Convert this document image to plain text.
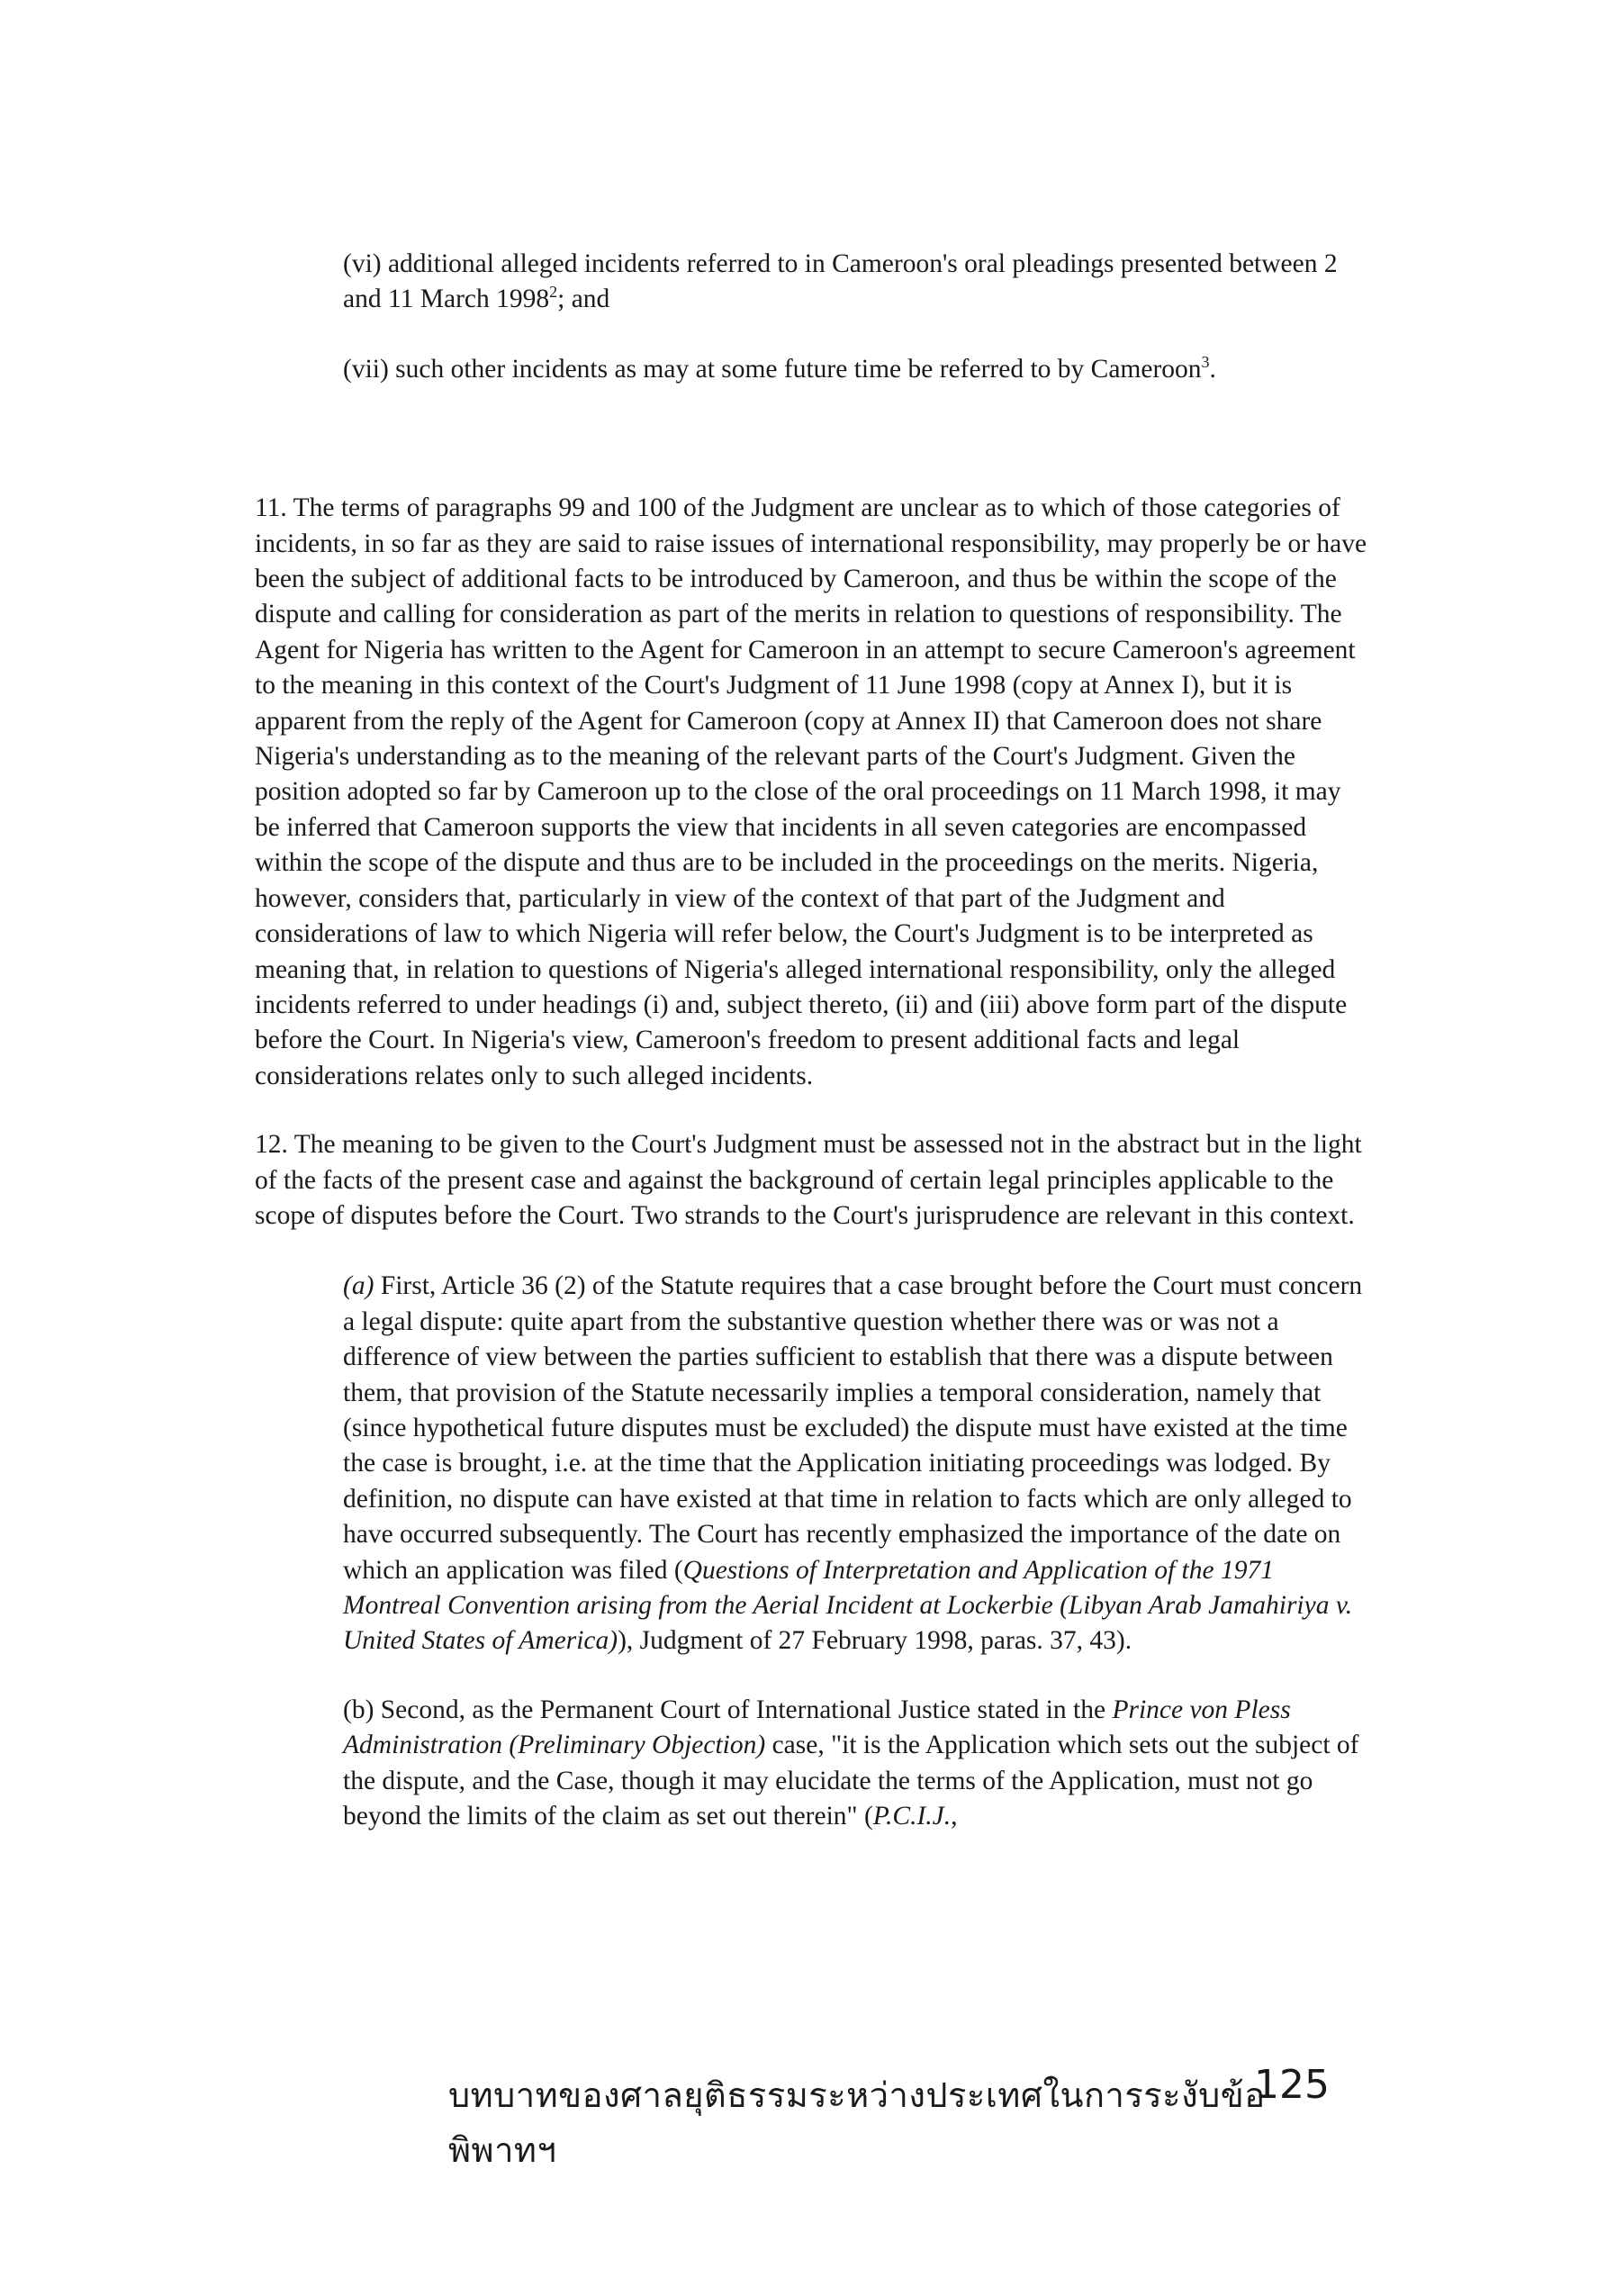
(vi) additional alleged incidents referred to in Cameroon's oral pleadings presented between 2 and 11 March 1998$^2$; and

(vii) such other incidents as may at some future time be referred to by Cameroon$^3$.

11. The terms of paragraphs 99 and 100 of the Judgment are unclear as to which of those categories of incidents, in so far as they are said to raise issues of international responsibility, may properly be or have been the subject of additional facts to be introduced by Cameroon, and thus be within the scope of the dispute and calling for consideration as part of the merits in relation to questions of responsibility. The Agent for Nigeria has written to the Agent for Cameroon in an attempt to secure Cameroon's agreement to the meaning in this context of the Court's Judgment of 11 June 1998 (copy at Annex I), but it is apparent from the reply of the Agent for Cameroon (copy at Annex II) that Cameroon does not share Nigeria's understanding as to the meaning of the relevant parts of the Court's Judgment. Given the position adopted so far by Cameroon up to the close of the oral proceedings on 11 March 1998, it may be inferred that Cameroon supports the view that incidents in all seven categories are encompassed within the scope of the dispute and thus are to be included in the proceedings on the merits. Nigeria, however, considers that, particularly in view of the context of that part of the Judgment and considerations of law to which Nigeria will refer below, the Court's Judgment is to be interpreted as meaning that, in relation to questions of Nigeria's alleged international responsibility, only the alleged incidents referred to under headings (i) and, subject thereto, (ii) and (iii) above form part of the dispute before the Court. In Nigeria's view, Cameroon's freedom to present additional facts and legal considerations relates only to such alleged incidents.

12. The meaning to be given to the Court's Judgment must be assessed not in the abstract but in the light of the facts of the present case and against the background of certain legal principles applicable to the scope of disputes before the Court. Two strands to the Court's jurisprudence are relevant in this context.

(a) First, Article 36 (2) of the Statute requires that a case brought before the Court must concern a legal dispute: quite apart from the substantive question whether there was or was not a difference of view between the parties sufficient to establish that there was a dispute between them, that provision of the Statute necessarily implies a temporal consideration, namely that (since hypothetical future disputes must be excluded) the dispute must have existed at the time the case is brought, i.e. at the time that the Application initiating proceedings was lodged. By definition, no dispute can have existed at that time in relation to facts which are only alleged to have occurred subsequently. The Court has recently emphasized the importance of the date on which an application was filed (Questions of Interpretation and Application of the 1971 Montreal Convention arising from the Aerial Incident at Lockerbie (Libyan Arab Jamahiriya v. United States of America)), Judgment of 27 February 1998, paras. 37, 43).

(b) Second, as the Permanent Court of International Justice stated in the Prince von Pless Administration (Preliminary Objection) case, "it is the Application which sets out the subject of the dispute, and the Case, though it may elucidate the terms of the Application, must not go beyond the limits of the claim as set out therein" (P.C.I.J.,

บทบาทของศาลยุติธรรมระหว่างประเทศในการระงับข้อพิพาทฯ
125
